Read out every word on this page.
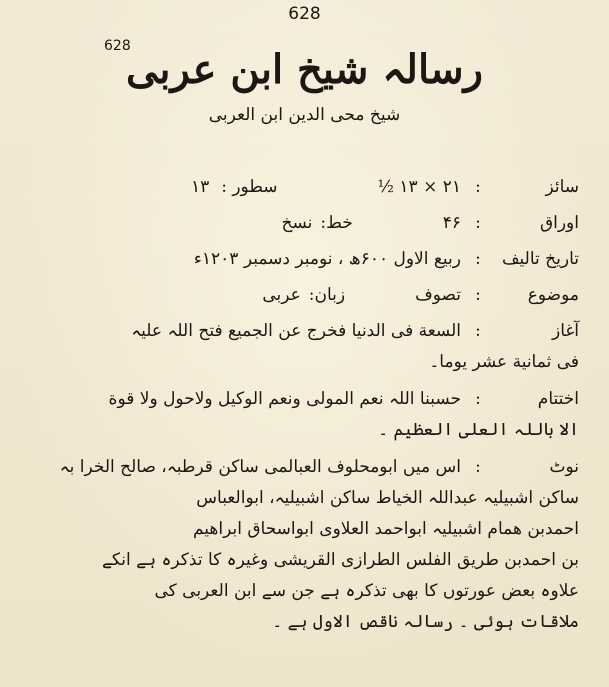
628
628
رسالہ شیخ ابن عربی
شیخ محی الدین ابن العربی
سائز
:
۲۱ × ۱۳ ½سطور :۱۳
اوراق
:
۴۶خط:نسخ
تاریخ تالیف
:
ربیع الاول ۶۰۰ھ ، نومبر دسمبر ۱۲۰۳ء
موضوع
:
تصوفزبان:عربی
آغاز
:
السعة فی الدنیا فخرج عن الجمیع فتح اللہ علیہ
فی ثمانیة عشر یوما۔
اختتام
:
حسبنا اللہ نعم المولی ونعم الوکیل ولاحول ولا قوة
الا باللہ العلی العظیم ۔
نوٹ
:
اس میں ابومحلوف العبالمی ساکن قرطبہ، صالح الخرا بہ
ساکن اشبیلیہ عبداللہ الخیاط ساکن اشبیلیہ، ابوالعباس
احمدبن ھمام اشبیلیہ ابواحمد العلاوی ابواسحاق ابراھیم
بن احمدبن طریق الفلس الطرازی القریشی وغیرہ کا تذکرہ ہے انکے
علاوہ بعض عورتوں کا بھی تذکرہ ہے جن سے ابن العربی کی
ملاقات ہوئی ۔ رسالہ ناقص الاول ہے ۔
